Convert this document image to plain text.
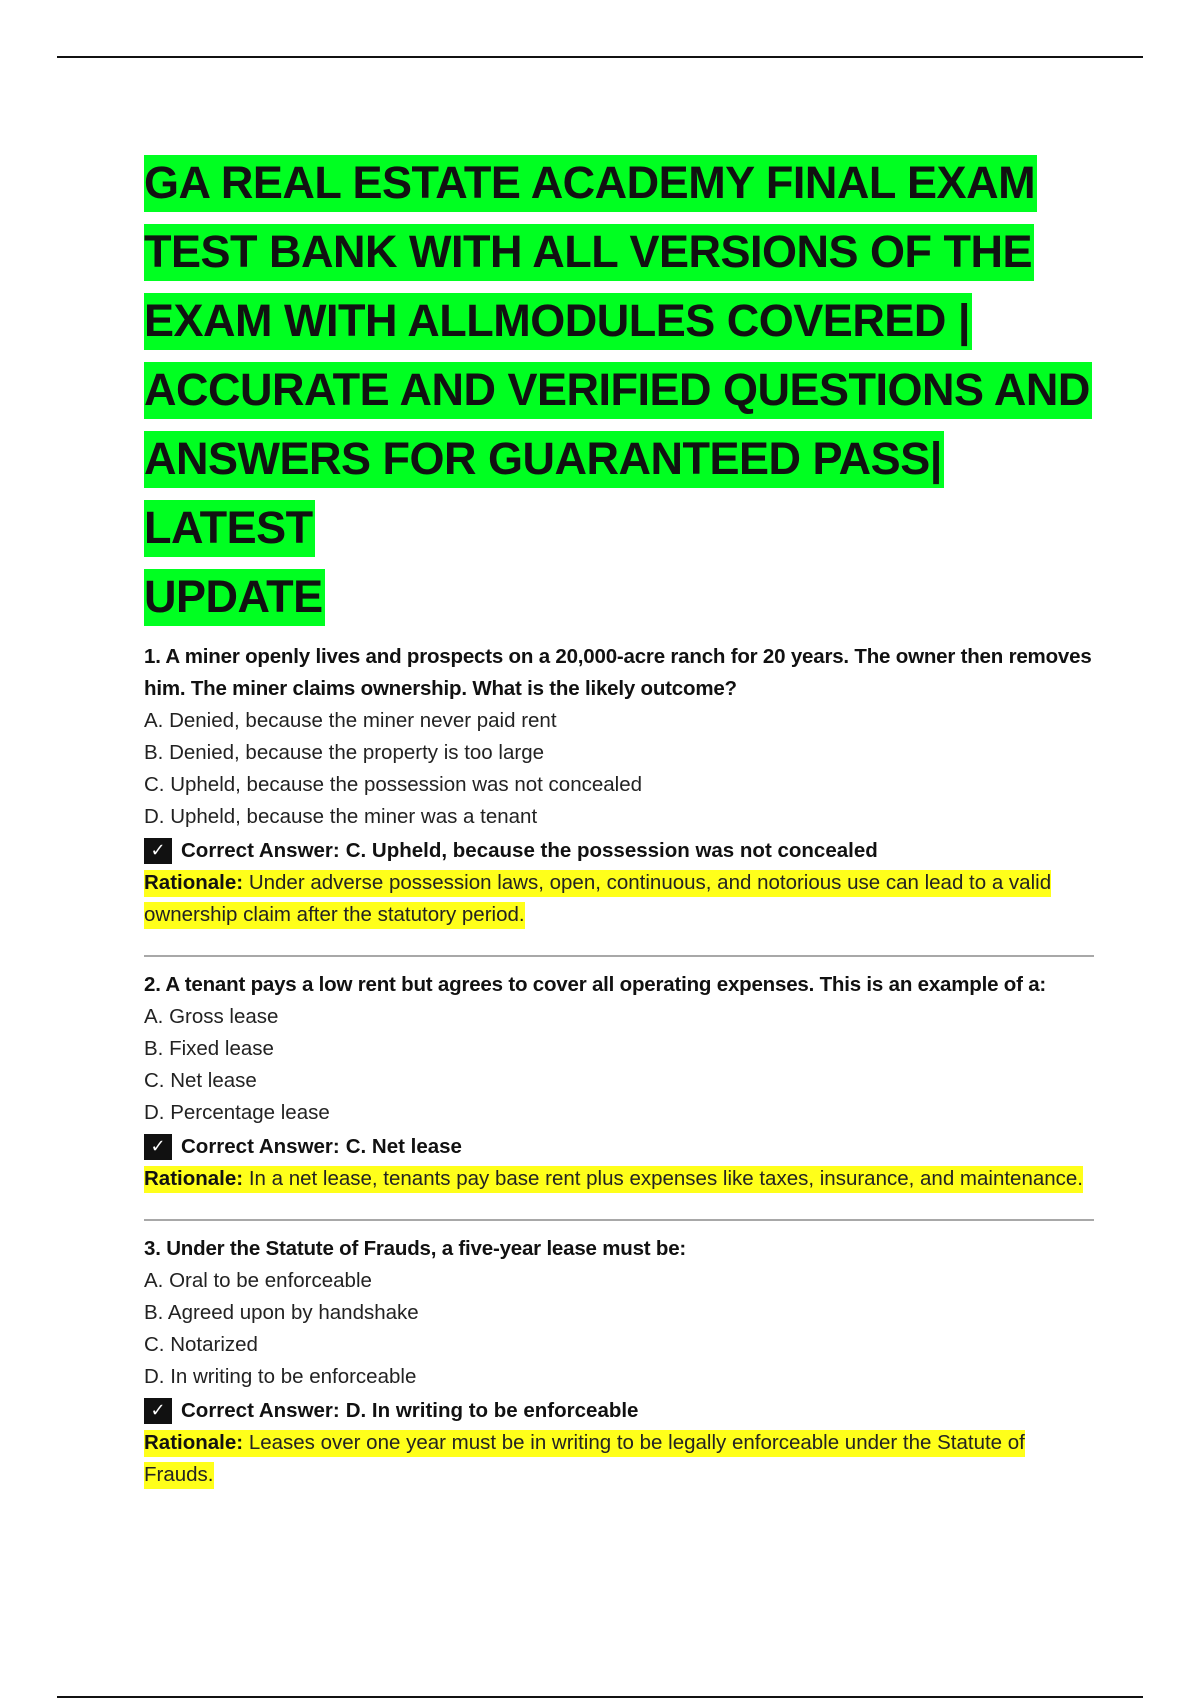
GA REAL ESTATE ACADEMY FINAL EXAM
TEST BANK WITH ALL VERSIONS OF THE
EXAM WITH ALLMODULES COVERED |
ACCURATE AND VERIFIED QUESTIONS AND
ANSWERS FOR GUARANTEED PASS| LATEST
UPDATE

1. A miner openly lives and prospects on a 20,000-acre ranch for 20 years. The owner then removes him. The miner claims ownership. What is the likely outcome?

A. Denied, because the miner never paid rent
B. Denied, because the property is too large
C. Upheld, because the possession was not concealed
D. Upheld, because the miner was a tenant
✓ Correct Answer: C. Upheld, because the possession was not concealed

Rationale: Under adverse possession laws, open, continuous, and notorious use can lead to a valid ownership claim after the statutory period.

2. A tenant pays a low rent but agrees to cover all operating expenses. This is an example of a:

A. Gross lease
B. Fixed lease
C. Net lease
D. Percentage lease
✓ Correct Answer: C. Net lease

Rationale: In a net lease, tenants pay base rent plus expenses like taxes, insurance, and maintenance.

3. Under the Statute of Frauds, a five-year lease must be:

A. Oral to be enforceable
B. Agreed upon by handshake
C. Notarized
D. In writing to be enforceable
✓ Correct Answer: D. In writing to be enforceable

Rationale: Leases over one year must be in writing to be legally enforceable under the Statute of Frauds.
